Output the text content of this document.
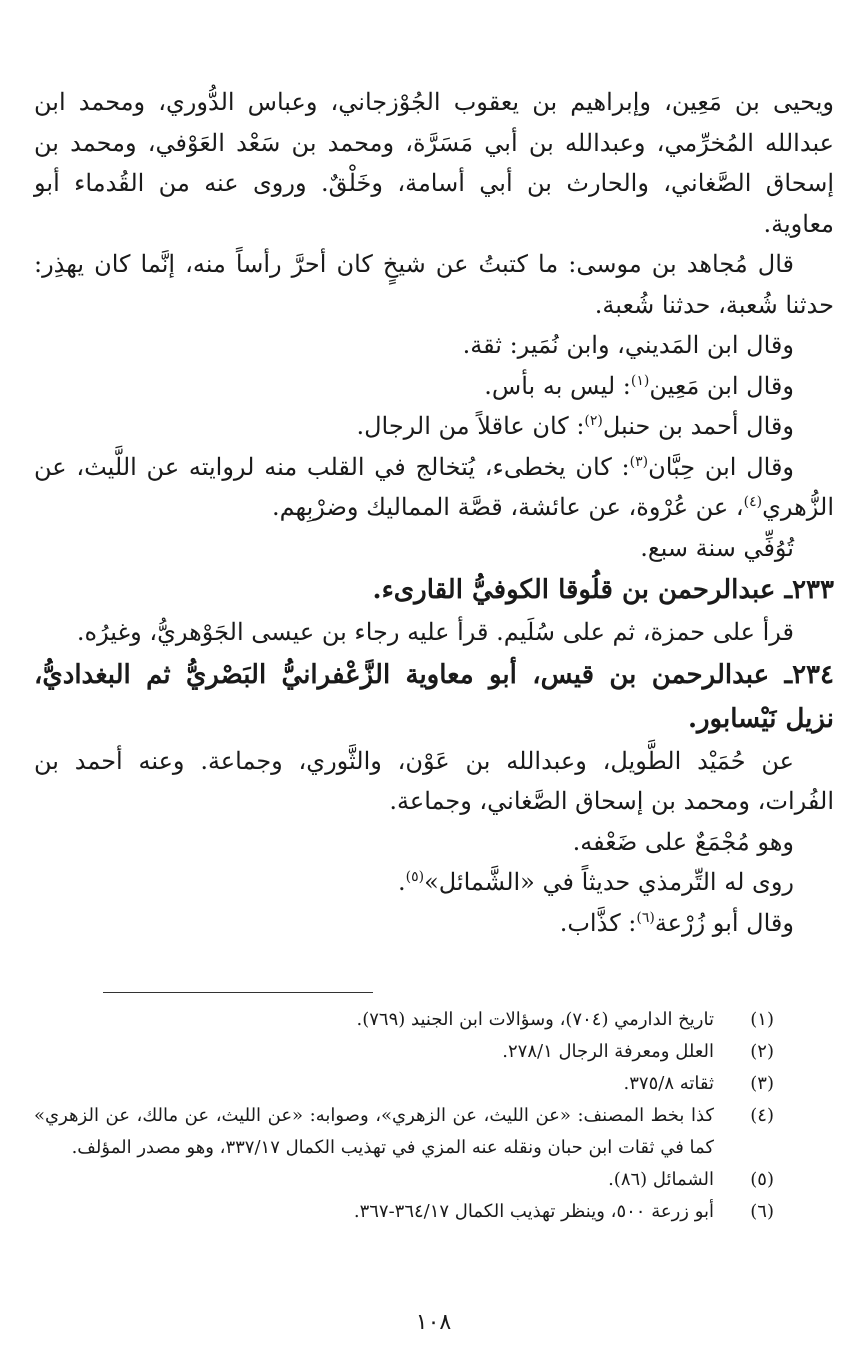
ويحيى بن مَعِين، وإبراهيم بن يعقوب الجُوْزجاني، وعباس الدُّوري، ومحمد ابن عبدالله المُخرِّمي، وعبدالله بن أبي مَسَرَّة، ومحمد بن سَعْد العَوْفي، ومحمد بن إسحاق الصَّغاني، والحارث بن أبي أسامة، وخَلْقٌ. وروى عنه من القُدماء أبو معاوية.

قال مُجاهد بن موسى: ما كتبتُ عن شيخٍ كان أحرَّ رأساً منه، إنَّما كان يهذِر: حدثنا شُعبة، حدثنا شُعبة.

وقال ابن المَديني، وابن نُمَير: ثقة.

وقال ابن مَعِين$^{(١)}$: ليس به بأس.

وقال أحمد بن حنبل$^{(٢)}$: كان عاقلاً من الرجال.

وقال ابن حِبَّان$^{(٣)}$: كان يخطىء، يُتخالج في القلب منه لروايته عن اللَّيث، عن الزُّهري$^{(٤)}$، عن عُرْوة، عن عائشة، قصَّة المماليك وضرْبِهم.

تُوُفِّي سنة سبع.

٢٣٣ـ عبدالرحمن بن قلُوقا الكوفيُّ القارىء.

قرأ على حمزة، ثم على سُلَيم. قرأ عليه رجاء بن عيسى الجَوْهريُّ، وغيرُه.

٢٣٤ـ عبدالرحمن بن قيس، أبو معاوية الزَّعْفرانيُّ البَصْريُّ ثم البغداديُّ، نزيل نَيْسابور.

عن حُمَيْد الطَّويل، وعبدالله بن عَوْن، والثَّوري، وجماعة. وعنه أحمد بن الفُرات، ومحمد بن إسحاق الصَّغاني، وجماعة.

وهو مُجْمَعٌ على ضَعْفه.

روى له التِّرمذي حديثاً في «الشَّمائل»$^{(٥)}$.

وقال أبو زُرْعة$^{(٦)}$: كذَّاب.

(١)
تاريخ الدارمي (٧٠٤)، وسؤالات ابن الجنيد (٧٦٩).
(٢)
العلل ومعرفة الرجال ٢٧٨/١.
(٣)
ثقاته ٣٧٥/٨.
(٤)
كذا بخط المصنف: «عن الليث، عن الزهري»، وصوابه: «عن الليث، عن مالك، عن الزهري» كما في ثقات ابن حبان ونقله عنه المزي في تهذيب الكمال ٣٣٧/١٧، وهو مصدر المؤلف.
(٥)
الشمائل (٨٦).
(٦)
أبو زرعة ٥٠٠، وينظر تهذيب الكمال ٣٦٤/١٧-٣٦٧.
١٠٨
